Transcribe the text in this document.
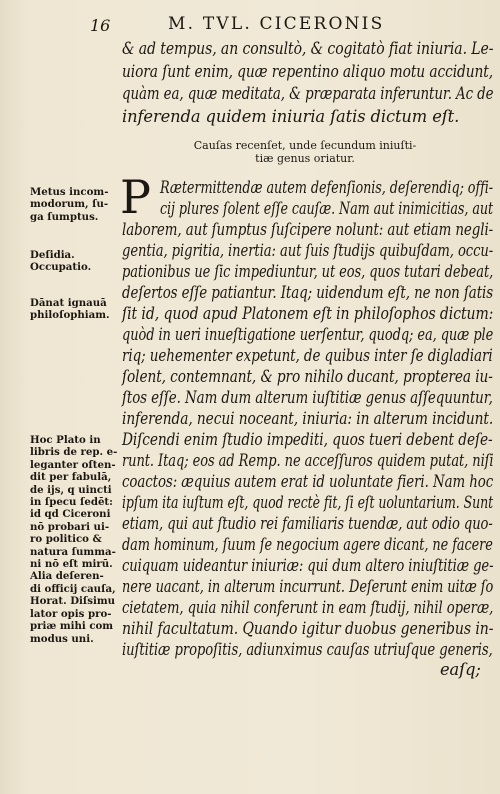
16	M. TVL. CICERONIS
& ad tempus, an consultò, & cogitatò fiat iniuria. Le-
uiora ſunt enim, quæ repentino aliquo motu accidunt,
quàm ea, quæ meditata, & præparata inferuntur. Ac de
inferenda quidem iniuria ſatis dictum eſt.
Cauſas recenſet, unde ſecundum iniuſti-
tiæ genus oriatur.
P Rætermittendæ autem defenſionis, deſerendiq; offi-
cij plures ſolent eſſe cauſæ. Nam aut inimicitias, aut
laborem, aut ſumptus ſuſcipere nolunt: aut etiam negli-
gentia, pigritia, inertia: aut ſuis ſtudijs quibuſdam, occu-
pationibus ue ſic impediuntur, ut eos, quos tutari debeat,
deſertos eſſe patiantur. Itaq; uidendum eſt, ne non ſatis
ſit id, quod apud Platonem eſt in philoſophos dictum:
quòd in ueri inueſtigatione uerſentur, quodq; ea, quæ ple
riq; uehementer expetunt, de quibus inter ſe digladiari
ſolent, contemnant, & pro nihilo ducant, propterea iu-
ſtos eſſe. Nam dum alterum iuſtitiæ genus aſſequuntur,
inferenda, necui noceant, iniuria: in alterum incidunt.
Diſcendi enim ſtudio impediti, quos tueri debent deſe-
runt. Itaq; eos ad Remp. ne acceſſuros quidem putat, niſi
coactos: æquius autem erat id uoluntate fieri. Nam hoc
ipſum ita iuſtum eſt, quod rectè fit, ſi eſt uoluntarium. Sunt
etiam, qui aut ſtudio rei familiaris tuendæ, aut odio quo-
dam hominum, ſuum ſe negocium agere dicant, ne facere
cuiquam uideantur iniuriæ: qui dum altero iniuſtitiæ ge-
nere uacant, in alterum incurrunt. Deſerunt enim uitæ ſo
cietatem, quia nihil conferunt in eam ſtudij, nihil operæ,
nihil facultatum. Quando igitur duobus generibus in-
iuſtitiæ propoſitis, adiunximus cauſas utriuſque generis,
eaſq;
Metus incom-
modorum, ſu-
ga ſumptus.
Deſidia.
Occupatio.
Dānat ignauā
philoſophiam.
Hoc Plato in
libris de rep. e-
leganter oſten-
dit per fabulā,
de ijs, q uincti
in ſpecu ſedēt:
id qd Ciceroni
nō probari ui-
ro politico &
natura ſumma-
ni nō eſt mirū.
Alia deſeren-
di officij cauſa,
Horat. Diſsimu
lator opis pro-
priæ mihi com
modus uni.
